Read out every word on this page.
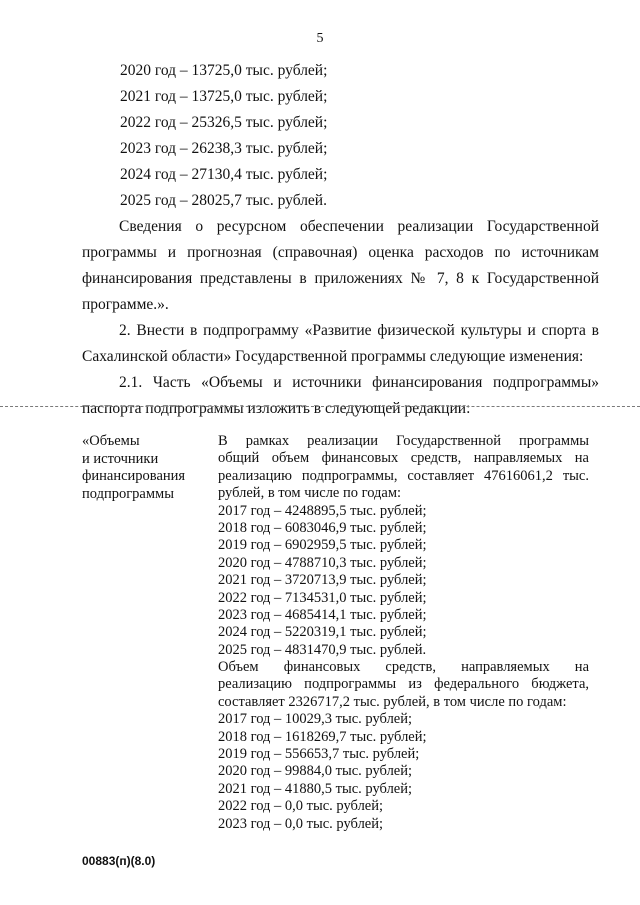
5
2020 год – 13725,0 тыс. рублей;
2021 год – 13725,0 тыс. рублей;
2022 год – 25326,5 тыс. рублей;
2023 год – 26238,3 тыс. рублей;
2024 год – 27130,4 тыс. рублей;
2025 год – 28025,7 тыс. рублей.
Сведения о ресурсном обеспечении реализации Государственной
программы и прогнозная (справочная) оценка расходов по источникам
финансирования представлены в приложениях № 7, 8 к Государственной
программе.».
2. Внести в подпрограмму «Развитие физической культуры и спорта в
Сахалинской области» Государственной программы следующие изменения:
2.1. Часть «Объемы и источники финансирования подпрограммы»
паспорта подпрограммы изложить в следующей редакции:
«Объемы
и источники
финансирования
подпрограммы
В рамках реализации Государственной программы
общий объем финансовых средств, направляемых на
реализацию подпрограммы, составляет 47616061,2 тыс.
рублей, в том числе по годам:
2017 год – 4248895,5 тыс. рублей;
2018 год – 6083046,9 тыс. рублей;
2019 год – 6902959,5 тыс. рублей;
2020 год – 4788710,3 тыс. рублей;
2021 год – 3720713,9 тыс. рублей;
2022 год – 7134531,0 тыс. рублей;
2023 год – 4685414,1 тыс. рублей;
2024 год – 5220319,1 тыс. рублей;
2025 год – 4831470,9 тыс. рублей.
Объем финансовых средств, направляемых на
реализацию подпрограммы из федерального бюджета,
составляет 2326717,2 тыс. рублей, в том числе по годам:
2017 год – 10029,3 тыс. рублей;
2018 год – 1618269,7 тыс. рублей;
2019 год – 556653,7 тыс. рублей;
2020 год – 99884,0 тыс. рублей;
2021 год – 41880,5 тыс. рублей;
2022 год – 0,0 тыс. рублей;
2023 год – 0,0 тыс. рублей;
00883(п)(8.0)
